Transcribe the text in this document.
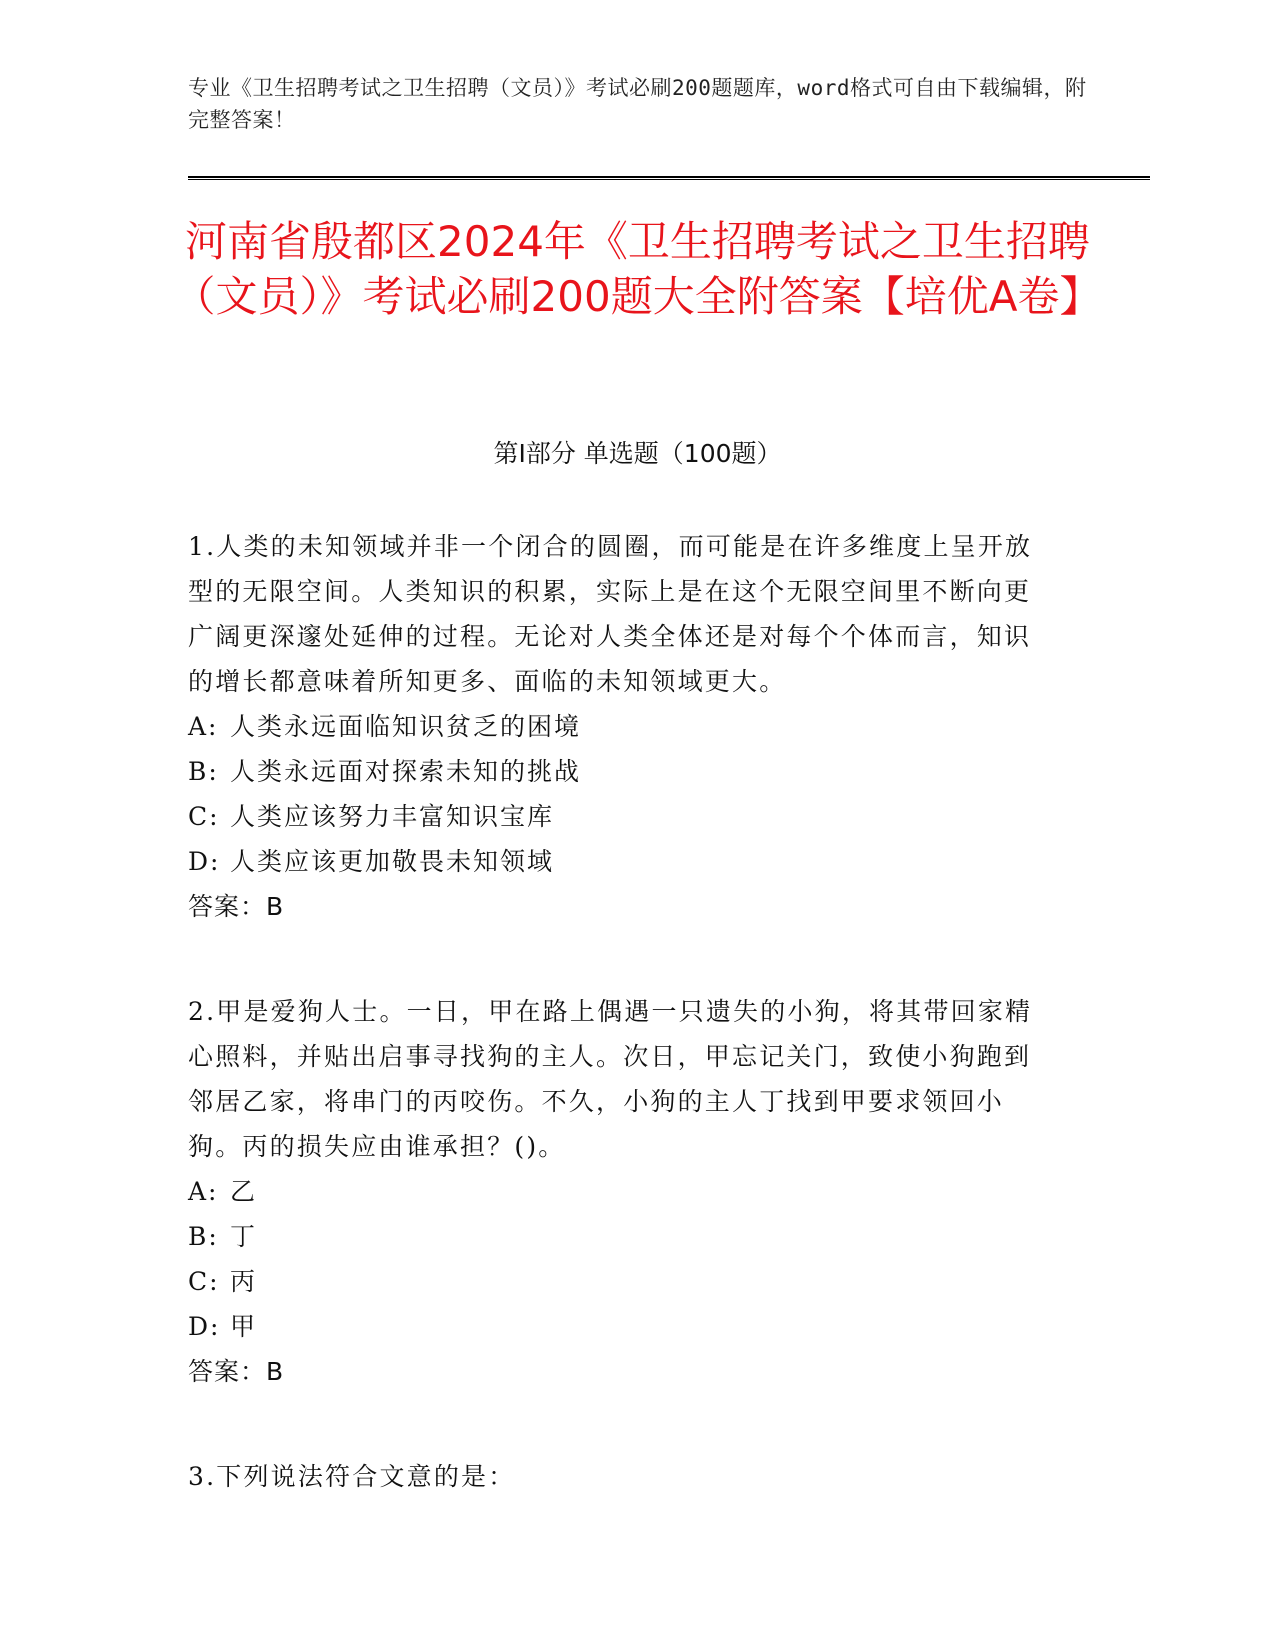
专业《卫生招聘考试之卫生招聘（文员）》考试必刷200题题库，word格式可自由下载编辑，附完整答案！
河南省殷都区2024年《卫生招聘考试之卫生招聘（文员）》考试必刷200题大全附答案【培优A卷】
第Ⅰ部分 单选题（100题）

1.人类的未知领域并非一个闭合的圆圈，而可能是在许多维度上呈开放型的无限空间。人类知识的积累，实际上是在这个无限空间里不断向更广阔更深邃处延伸的过程。无论对人类全体还是对每个个体而言，知识的增长都意味着所知更多、面临的未知领域更大。

A: 人类永远面临知识贫乏的困境
B: 人类永远面对探索未知的挑战
C: 人类应该努力丰富知识宝库
D: 人类应该更加敬畏未知领域
答案：B

2.甲是爱狗人士。一日，甲在路上偶遇一只遗失的小狗，将其带回家精心照料，并贴出启事寻找狗的主人。次日，甲忘记关门，致使小狗跑到邻居乙家，将串门的丙咬伤。不久，小狗的主人丁找到甲要求领回小狗。丙的损失应由谁承担？()。

A: 乙
B: 丁
C: 丙
D: 甲
答案：B

3.下列说法符合文意的是：
